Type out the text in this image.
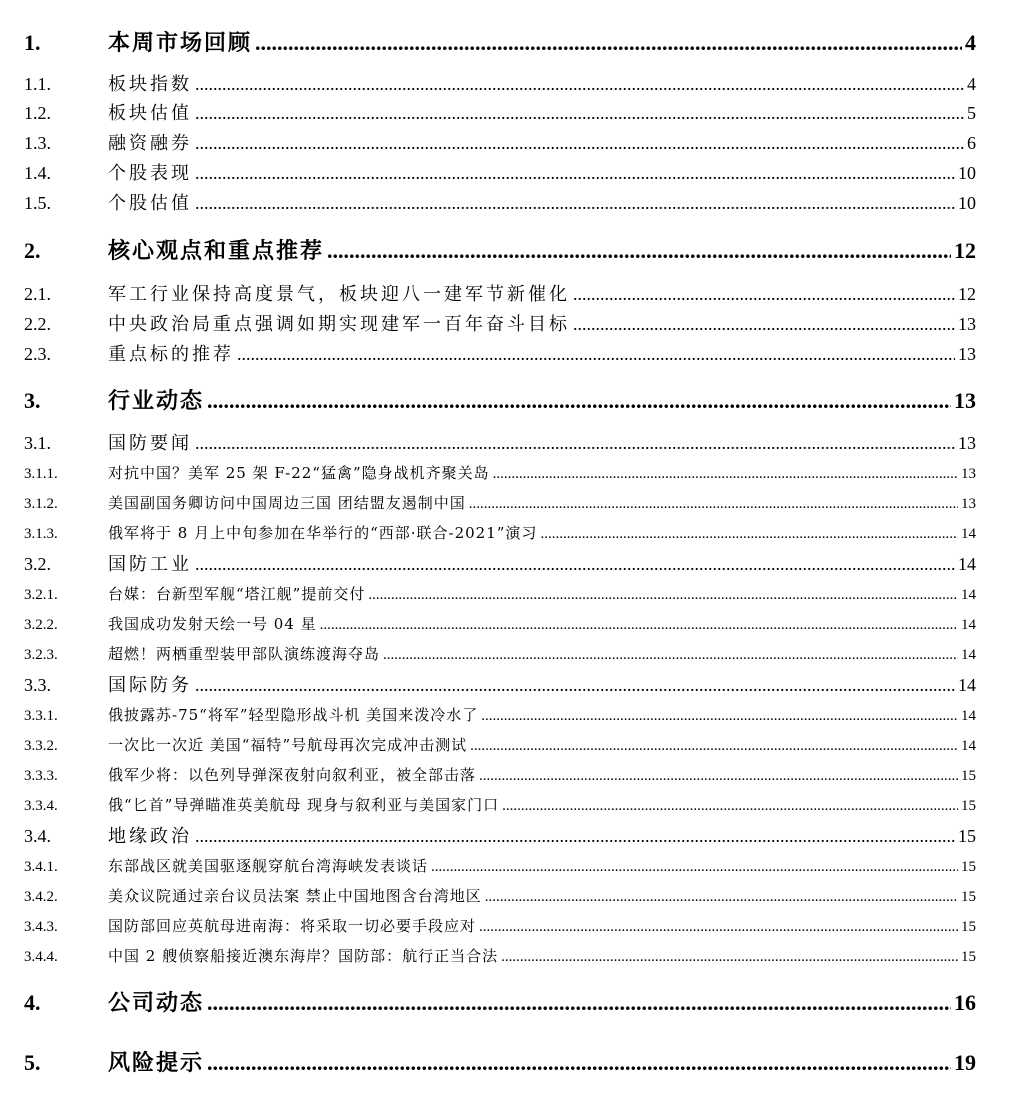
1.	本周市场回顾 .....	4
1.1.	板块指数 .....	4
1.2.	板块估值 .....	5
1.3.	融资融券 .....	6
1.4.	个股表现 .....	10
1.5.	个股估值 .....	10
2.	核心观点和重点推荐 .....	12
2.1.	军工行业保持高度景气，板块迎八一建军节新催化 .....	12
2.2.	中央政治局重点强调如期实现建军一百年奋斗目标 .....	13
2.3.	重点标的推荐 .....	13
3.	行业动态 .....	13
3.1.	国防要闻 .....	13
3.1.1.	对抗中国？美军 25 架 F-22“猛禽”隐身战机齐聚关岛 .....	13
3.1.2.	美国副国务卿访问中国周边三国 团结盟友遏制中国 .....	13
3.1.3.	俄军将于 8 月上中旬参加在华举行的“西部·联合-2021”演习 .....	14
3.2.	国防工业 .....	14
3.2.1.	台媒：台新型军舰“塔江舰”提前交付 .....	14
3.2.2.	我国成功发射天绘一号 04 星 .....	14
3.2.3.	超燃！两栖重型装甲部队演练渡海夺岛 .....	14
3.3.	国际防务 .....	14
3.3.1.	俄披露苏-75“将军”轻型隐形战斗机 美国来泼冷水了 .....	14
3.3.2.	一次比一次近 美国“福特”号航母再次完成冲击测试 .....	14
3.3.3.	俄军少将：以色列导弹深夜射向叙利亚，被全部击落 .....	15
3.3.4.	俄“匕首”导弹瞄准英美航母 现身与叙利亚与美国家门口 .....	15
3.4.	地缘政治 .....	15
3.4.1.	东部战区就美国驱逐舰穿航台湾海峡发表谈话 .....	15
3.4.2.	美众议院通过亲台议员法案 禁止中国地图含台湾地区 .....	15
3.4.3.	国防部回应英航母进南海：将采取一切必要手段应对 .....	15
3.4.4.	中国 2 艘侦察船接近澳东海岸？国防部：航行正当合法 .....	15
4.	公司动态 .....	16
5.	风险提示 .....	19
